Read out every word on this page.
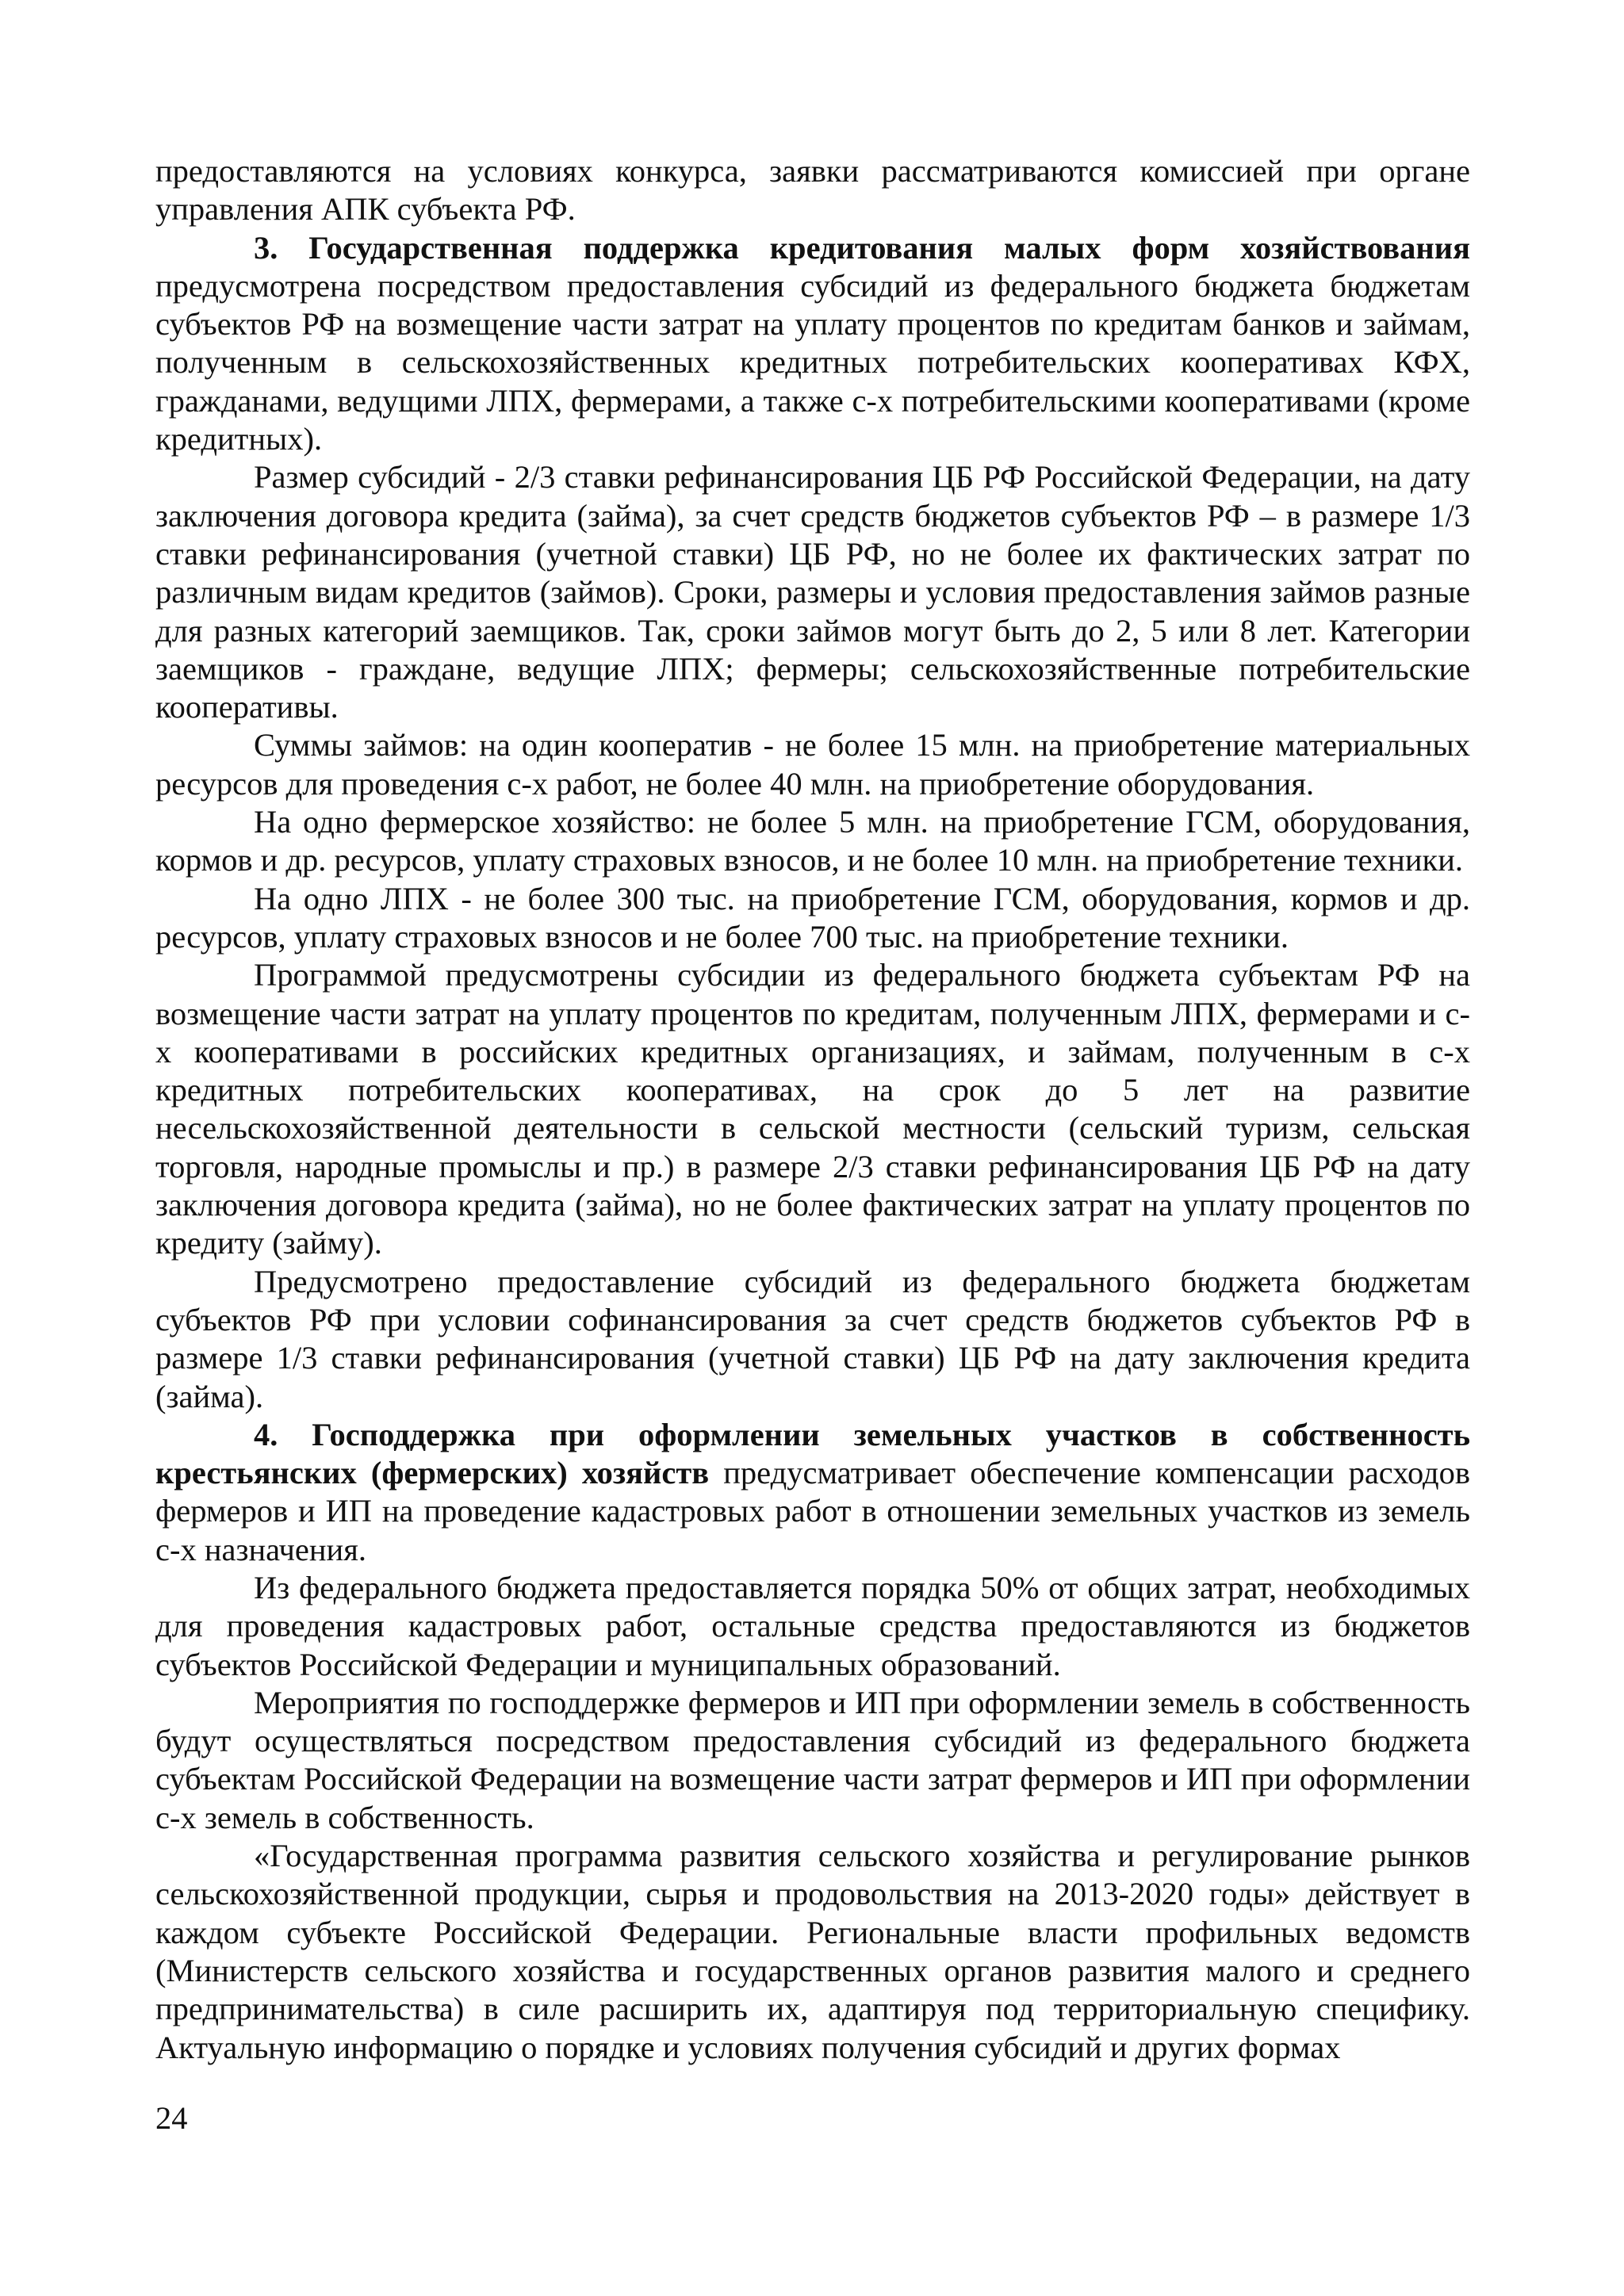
предоставляются на условиях конкурса, заявки рассматриваются комиссией при органе управления АПК субъекта РФ.

3. Государственная поддержка кредитования малых форм хозяйствования предусмотрена посредством предоставления субсидий из федерального бюджета бюджетам субъектов РФ на возмещение части затрат на уплату процентов по кредитам банков и займам, полученным в сельскохозяйственных кредитных потребительских кооперативах КФХ, гражданами, ведущими ЛПХ, фермерами, а также с-х потребительскими кооперативами (кроме кредитных).

Размер субсидий - 2/3 ставки рефинансирования ЦБ РФ Российской Федерации, на дату заключения договора кредита (займа), за счет средств бюджетов субъектов РФ – в размере 1/3 ставки рефинансирования (учетной ставки) ЦБ РФ, но не более их фактических затрат по различным видам кредитов (займов). Сроки, размеры и условия предоставления займов разные для разных категорий заемщиков. Так, сроки займов могут быть до 2, 5 или 8 лет. Категории заемщиков - граждане, ведущие ЛПХ; фермеры; сельскохозяйственные потребительские кооперативы.

Суммы займов: на один кооператив - не более 15 млн. на приобретение материальных ресурсов для проведения с-х работ, не более 40 млн. на приобретение оборудования.

На одно фермерское хозяйство: не более 5 млн. на приобретение ГСМ, оборудования, кормов и др. ресурсов, уплату страховых взносов, и не более 10 млн. на приобретение техники.

На одно ЛПХ - не более 300 тыс. на приобретение ГСМ, оборудования, кормов и др. ресурсов, уплату страховых взносов и не более 700 тыс. на приобретение техники.

Программой предусмотрены субсидии из федерального бюджета субъектам РФ на возмещение части затрат на уплату процентов по кредитам, полученным ЛПХ, фермерами и с-х кооперативами в российских кредитных организациях, и займам, полученным в с-х кредитных потребительских кооперативах, на срок до 5 лет на развитие несельскохозяйственной деятельности в сельской местности (сельский туризм, сельская торговля, народные промыслы и пр.) в размере 2/3 ставки рефинансирования ЦБ РФ на дату заключения договора кредита (займа), но не более фактических затрат на уплату процентов по кредиту (займу).

Предусмотрено предоставление субсидий из федерального бюджета бюджетам субъектов РФ при условии софинансирования за счет средств бюджетов субъектов РФ в размере 1/3 ставки рефинансирования (учетной ставки) ЦБ РФ на дату заключения кредита (займа).

4. Господдержка при оформлении земельных участков в собственность крестьянских (фермерских) хозяйств предусматривает обеспечение компенсации расходов фермеров и ИП на проведение кадастровых работ в отношении земельных участков из земель с-х назначения.

Из федерального бюджета предоставляется порядка 50% от общих затрат, необходимых для проведения кадастровых работ, остальные средства предоставляются из бюджетов субъектов Российской Федерации и муниципальных образований.

Мероприятия по господдержке фермеров и ИП при оформлении земель в собственность будут осуществляться посредством предоставления субсидий из федерального бюджета субъектам Российской Федерации на возмещение части затрат фермеров и ИП при оформлении с-х земель в собственность.

«Государственная программа развития сельского хозяйства и регулирование рынков сельскохозяйственной продукции, сырья и продовольствия на 2013-2020 годы» действует в каждом субъекте Российской Федерации. Региональные власти профильных ведомств (Министерств сельского хозяйства и государственных органов развития малого и среднего предпринимательства) в силе расширить их, адаптируя под территориальную специфику. Актуальную информацию о порядке и условиях получения субсидий и других формах

24
